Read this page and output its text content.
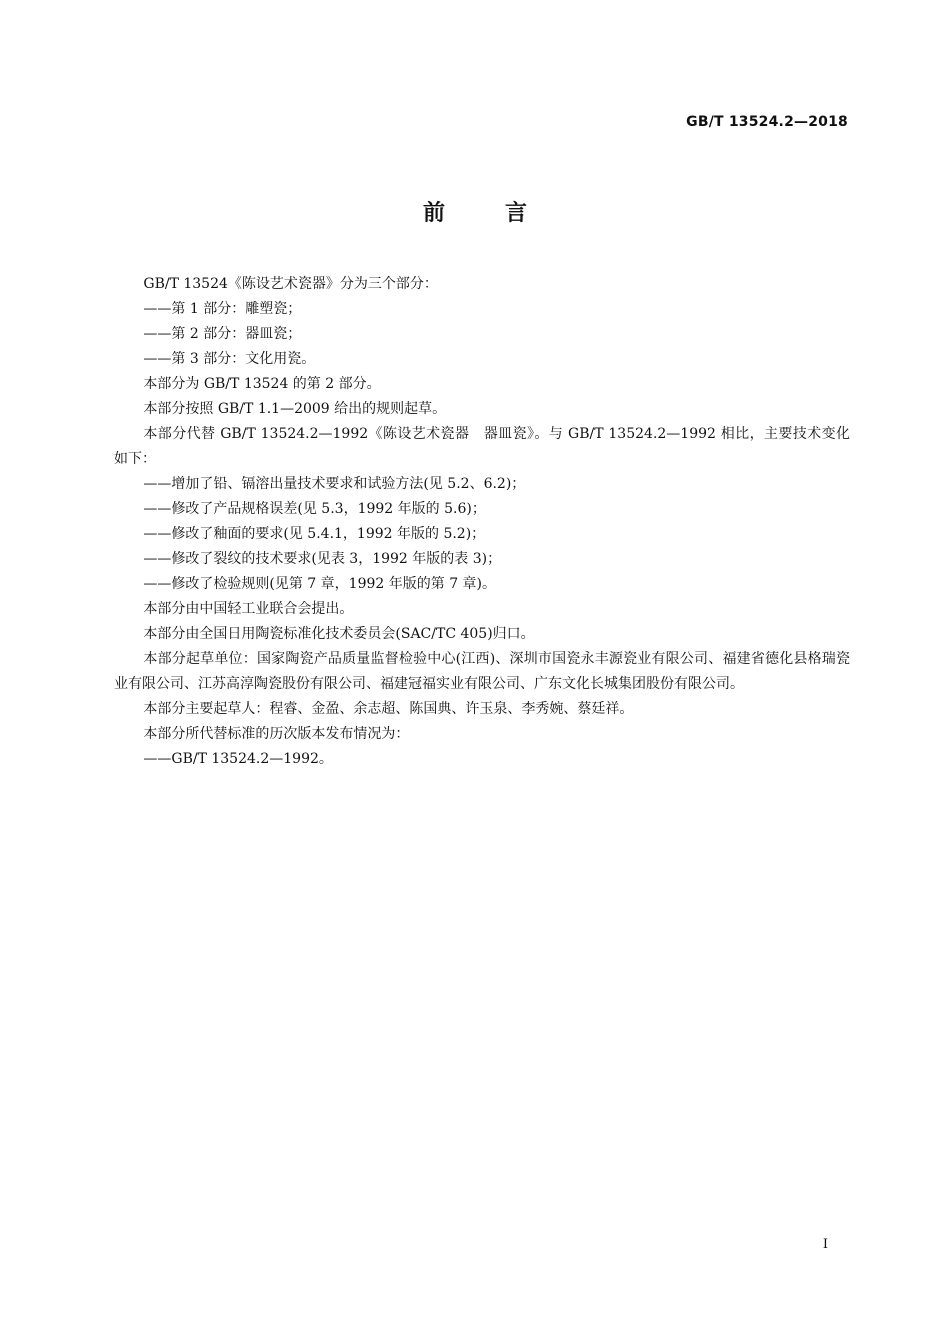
GB/T 13524.2—2018
前言

GB/T 13524《陈设艺术瓷器》分为三个部分：

——第 1 部分：雕塑瓷；

——第 2 部分：器皿瓷；

——第 3 部分：文化用瓷。

本部分为 GB/T 13524 的第 2 部分。

本部分按照 GB/T 1.1—2009 给出的规则起草。

本部分代替 GB/T 13524.2—1992《陈设艺术瓷器　器皿瓷》。与 GB/T 13524.2—1992 相比，主要技术变化如下：

——增加了铅、镉溶出量技术要求和试验方法(见 5.2、6.2)；

——修改了产品规格误差(见 5.3，1992 年版的 5.6)；

——修改了釉面的要求(见 5.4.1，1992 年版的 5.2)；

——修改了裂纹的技术要求(见表 3，1992 年版的表 3)；

——修改了检验规则(见第 7 章，1992 年版的第 7 章)。

本部分由中国轻工业联合会提出。

本部分由全国日用陶瓷标准化技术委员会(SAC/TC 405)归口。

本部分起草单位：国家陶瓷产品质量监督检验中心(江西)、深圳市国瓷永丰源瓷业有限公司、福建省德化县格瑞瓷业有限公司、江苏高淳陶瓷股份有限公司、福建冠福实业有限公司、广东文化长城集团股份有限公司。

本部分主要起草人：程睿、金盈、余志超、陈国典、许玉泉、李秀婉、蔡廷祥。

本部分所代替标准的历次版本发布情况为：

——GB/T 13524.2—1992。

I
